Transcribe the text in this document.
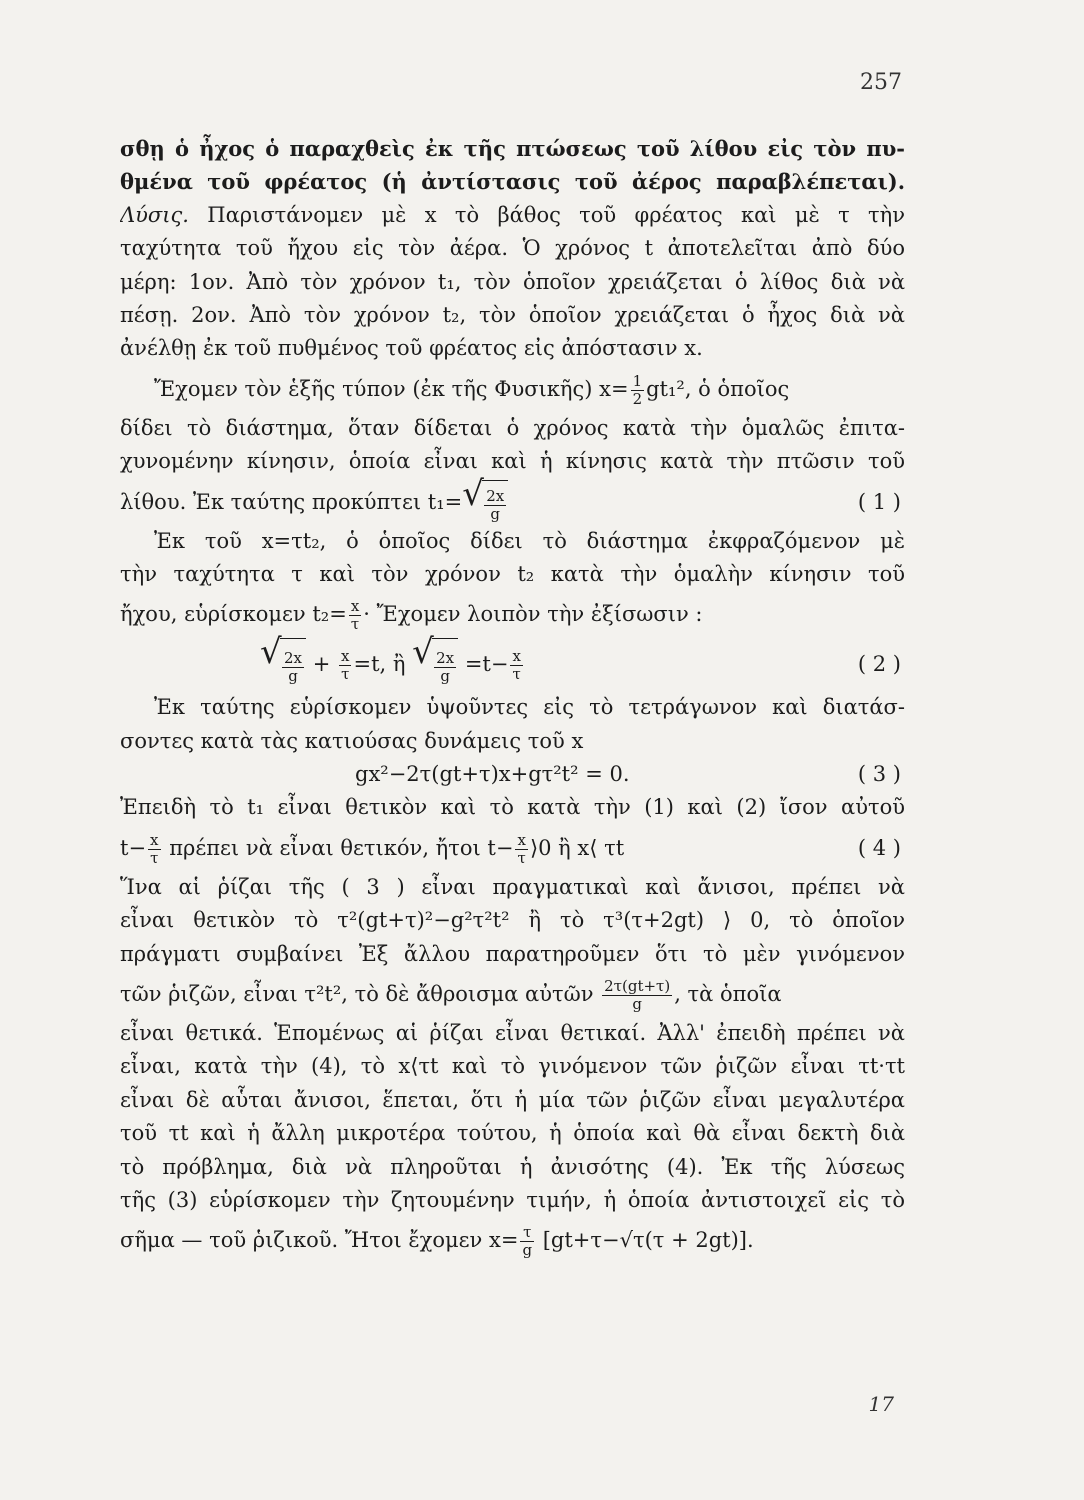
257
σθῃ ὁ ἦχος ὁ παραχθεὶς ἐκ τῆς πτώσεως τοῦ λίθου εἰς τὸν πυ-
θμένα τοῦ φρέατος (ἡ ἀντίστασις τοῦ ἀέρος παραβλέπεται).
Λύσις. Παριστάνομεν μὲ x τὸ βάθος τοῦ φρέατος καὶ μὲ τ τὴν
ταχύτητα τοῦ ἤχου εἰς τὸν ἀέρα. Ὁ χρόνος t ἀποτελεῖται ἀπὸ δύο
μέρη: 1ον. Ἀπὸ τὸν χρόνον t₁, τὸν ὁποῖον χρειάζεται ὁ λίθος διὰ νὰ
πέσῃ. 2ον. Ἀπὸ τὸν χρόνον t₂, τὸν ὁποῖον χρειάζεται ὁ ἦχος διὰ νὰ
ἀνέλθῃ ἐκ τοῦ πυθμένος τοῦ φρέατος εἰς ἀπόστασιν x.
Ἔχομεν τὸν ἑξῆς τύπον (ἐκ τῆς Φυσικῆς) $x= \frac{1}{2} gt_1^2$, ὁ ὁποῖος
δίδει τὸ διάστημα, ὅταν δίδεται ὁ χρόνος κατὰ τὴν ὁμαλῶς ἐπιτα-
χυνομένην κίνησιν, ὁποία εἶναι καὶ ἡ κίνησις κατὰ τὴν πτῶσιν τοῦ
λίθου. Ἐκ ταύτης προκύπτει t₁= √ $\frac{2x}{g}$	( 1 )
Ἐκ τοῦ x=τt₂, ὁ ὁποῖος δίδει τὸ διάστημα ἐκφραζόμενον μὲ
τὴν ταχύτητα τ καὶ τὸν χρόνον t₂ κατὰ τὴν ὁμαλὴν κίνησιν τοῦ
ἤχου, εὑρίσκομεν $t_2= \frac{x}{\tau}$ · Ἔχομεν λοιπὸν τὴν ἐξίσωσιν :
√ $\frac{2x}{g} + \frac{x}{\tau} =t$, ἢ √ $\frac{2x}{g} =t- \frac{x}{\tau}$	( 2 )
Ἐκ ταύτης εὑρίσκομεν ὑψοῦντες εἰς τὸ τετράγωνον καὶ διατάσ-
σοντες κατὰ τὰς κατιούσας δυνάμεις τοῦ x
gx²−2τ(gt+τ)x+gτ²t² = 0.	( 3 )
Ἐπειδὴ τὸ t₁ εἶναι θετικὸν καὶ τὸ κατὰ τὴν (1) καὶ (2) ἴσον αὐτοῦ
$t- \frac{x}{\tau}$ πρέπει νὰ εἶναι θετικόν, ἤτοι $t- \frac{x}{\tau}$ ⟩0 ἢ x⟨ τt	( 4 )
Ἵνα αἱ ῥίζαι τῆς ( 3 ) εἶναι πραγματικαὶ καὶ ἄνισοι, πρέπει νὰ
εἶναι θετικὸν τὸ τ²(gt+τ)²−g²τ²t² ἢ τὸ τ³(τ+2gt) ⟩ 0, τὸ ὁποῖον
πράγματι συμβαίνει Ἐξ ἄλλου παρατηροῦμεν ὅτι τὸ μὲν γινόμενον
τῶν ῥιζῶν, εἶναι τ²t², τὸ δὲ ἄθροισμα αὐτῶν $\frac{2\tau(gt+\tau)}{g}$ , τὰ ὁποῖα
εἶναι θετικά. Ἑπομένως αἱ ῥίζαι εἶναι θετικαί. Ἀλλ' ἐπειδὴ πρέπει νὰ
εἶναι, κατὰ τὴν (4), τὸ x⟨τt καὶ τὸ γινόμενον τῶν ῥιζῶν εἶναι τt·τt
εἶναι δὲ αὗται ἄνισοι, ἕπεται, ὅτι ἡ μία τῶν ῥιζῶν εἶναι μεγαλυτέρα
τοῦ τt καὶ ἡ ἄλλη μικροτέρα τούτου, ἡ ὁποία καὶ θὰ εἶναι δεκτὴ διὰ
τὸ πρόβλημα, διὰ νὰ πληροῦται ἡ ἀνισότης (4). Ἐκ τῆς λύσεως
τῆς (3) εὑρίσκομεν τὴν ζητουμένην τιμήν, ἡ ὁποία ἀντιστοιχεῖ εἰς τὸ
σῆμα — τοῦ ῥιζικοῦ. Ἤτοι ἔχομεν $x= \frac{\tau}{g} [gt+\tau-√\tau(\tau + 2gt)]$.
17
